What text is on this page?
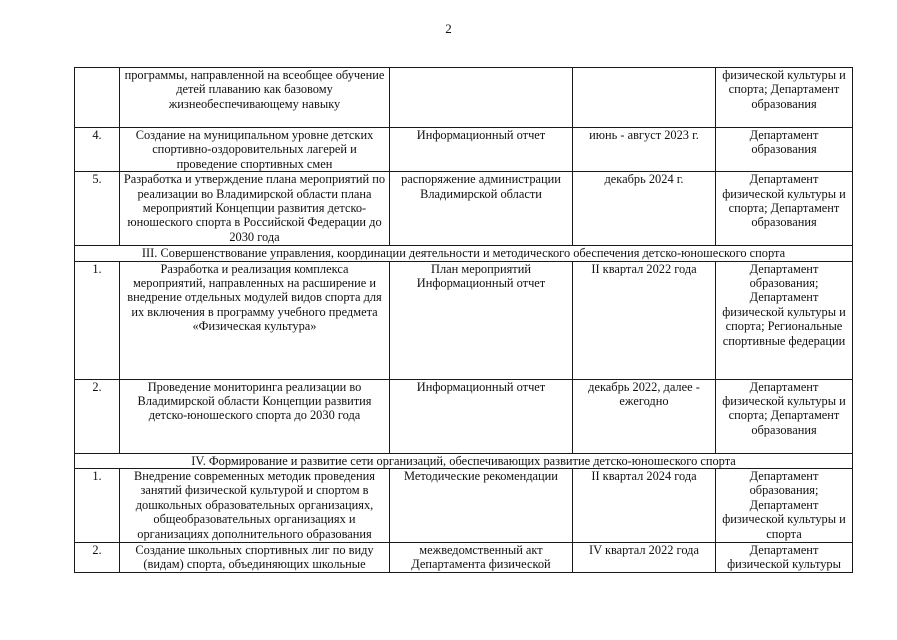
2
	программы, направленной на всеобщее обучение детей плаванию как базовому жизнеобеспечивающему навыку			физической культуры и спорта; Департамент образования
4.	Создание на муниципальном уровне детских спортивно-оздоровительных лагерей и проведение спортивных смен	Информационный отчет	июнь - август 2023 г.	Департамент образования
5.	Разработка и утверждение плана мероприятий по реализации во Владимирской области плана мероприятий Концепции развития детско-юношеского спорта в Российской Федерации до 2030 года	распоряжение администрации Владимирской области	декабрь 2024 г.	Департамент физической культуры и спорта; Департамент образования
III. Совершенствование управления, координации деятельности и методического обеспечения детско-юношеского спорта				
1.	Разработка и реализация комплекса мероприятий, направленных на расширение и внедрение отдельных модулей видов спорта для их включения в программу учебного предмета «Физическая культура»	План мероприятий Информационный отчет	II квартал 2022 года	Департамент образования; Департамент физической культуры и спорта; Региональные спортивные федерации
2.	Проведение мониторинга реализации во Владимирской области Концепции развития детско-юношеского спорта до 2030 года	Информационный отчет	декабрь 2022, далее - ежегодно	Департамент физической культуры и спорта; Департамент образования
IV. Формирование и развитие сети организаций, обеспечивающих развитие детско-юношеского спорта				
1.	Внедрение современных методик проведения занятий физической культурой и спортом в дошкольных образовательных организациях, общеобразовательных организациях и организациях дополнительного образования	Методические рекомендации	II квартал 2024 года	Департамент образования; Департамент физической культуры и спорта
2.	Создание школьных спортивных лиг по виду (видам) спорта, объединяющих школьные	межведомственный акт Департамента физической	IV квартал 2022 года	Департамент физической культуры
